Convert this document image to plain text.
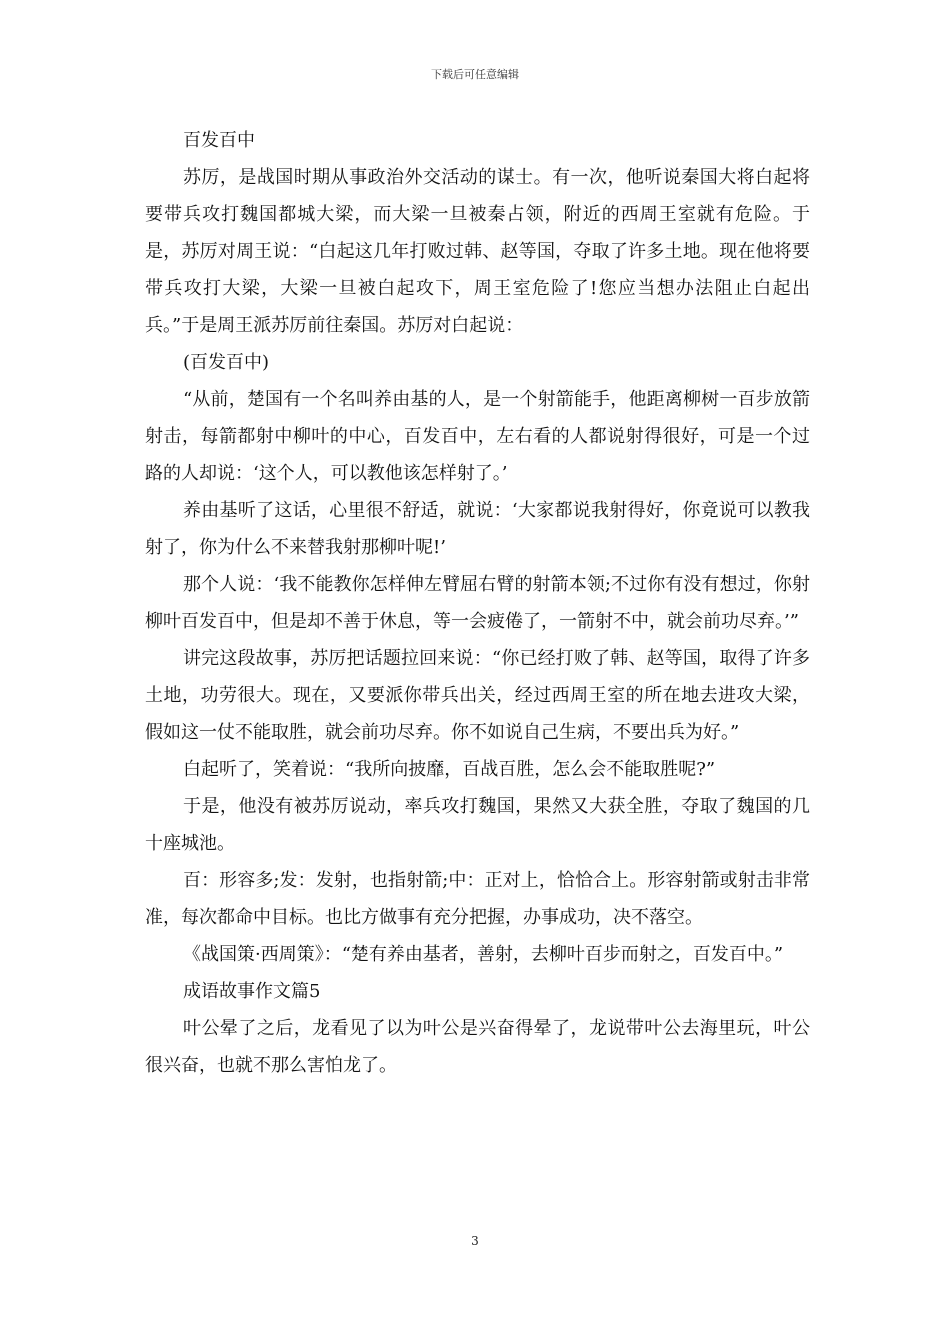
下载后可任意编辑

百发百中

苏厉，是战国时期从事政治外交活动的谋士。有一次，他听说秦国大将白起将要带兵攻打魏国都城大梁，而大梁一旦被秦占领，附近的西周王室就有危险。于是，苏厉对周王说：“白起这几年打败过韩、赵等国，夺取了许多土地。现在他将要带兵攻打大梁，大梁一旦被白起攻下，周王室危险了!您应当想办法阻止白起出兵。”于是周王派苏厉前往秦国。苏厉对白起说：

(百发百中)

“从前，楚国有一个名叫养由基的人，是一个射箭能手，他距离柳树一百步放箭射击，每箭都射中柳叶的中心，百发百中，左右看的人都说射得很好，可是一个过路的人却说：‘这个人，可以教他该怎样射了。’

养由基听了这话，心里很不舒适，就说：‘大家都说我射得好，你竟说可以教我射了，你为什么不来替我射那柳叶呢!’

那个人说：‘我不能教你怎样伸左臂屈右臂的射箭本领;不过你有没有想过，你射柳叶百发百中，但是却不善于休息，等一会疲倦了，一箭射不中，就会前功尽弃。’”

讲完这段故事，苏厉把话题拉回来说：“你已经打败了韩、赵等国，取得了许多土地，功劳很大。现在，又要派你带兵出关，经过西周王室的所在地去进攻大梁，假如这一仗不能取胜，就会前功尽弃。你不如说自己生病，不要出兵为好。”

白起听了，笑着说：“我所向披靡，百战百胜，怎么会不能取胜呢?”

于是，他没有被苏厉说动，率兵攻打魏国，果然又大获全胜，夺取了魏国的几十座城池。

百：形容多;发：发射，也指射箭;中：正对上，恰恰合上。形容射箭或射击非常准，每次都命中目标。也比方做事有充分把握，办事成功，决不落空。

《战国策·西周策》：“楚有养由基者，善射，去柳叶百步而射之，百发百中。”

成语故事作文篇5

叶公晕了之后，龙看见了以为叶公是兴奋得晕了，龙说带叶公去海里玩，叶公很兴奋，也就不那么害怕龙了。

3
